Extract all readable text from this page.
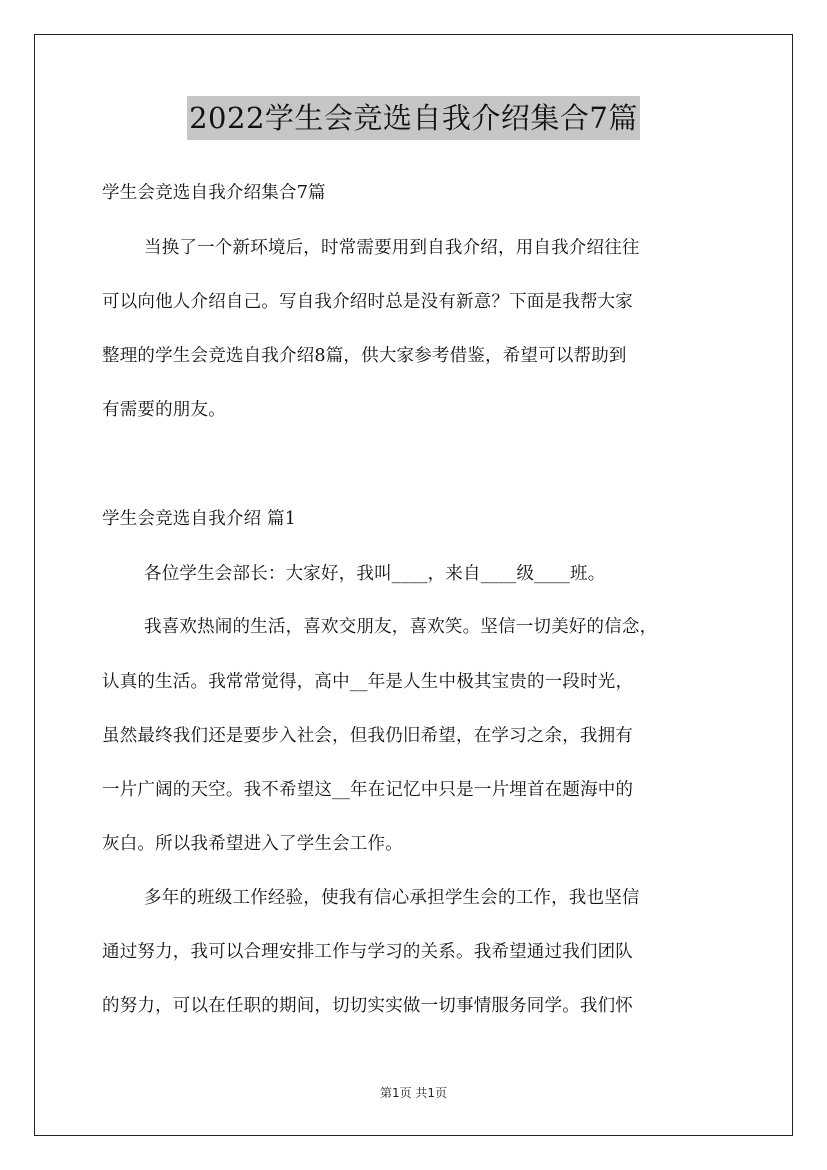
2022学生会竞选自我介绍集合7篇
学生会竞选自我介绍集合7篇
当换了一个新环境后，时常需要用到自我介绍，用自我介绍往往
可以向他人介绍自己。写自我介绍时总是没有新意？下面是我帮大家
整理的学生会竞选自我介绍8篇，供大家参考借鉴，希望可以帮助到
有需要的朋友。
学生会竞选自我介绍 篇1
各位学生会部长：大家好，我叫____，来自____级____班。
我喜欢热闹的生活，喜欢交朋友，喜欢笑。坚信一切美好的信念，
认真的生活。我常常觉得，高中__年是人生中极其宝贵的一段时光，
虽然最终我们还是要步入社会，但我仍旧希望，在学习之余，我拥有
一片广阔的天空。我不希望这__年在记忆中只是一片埋首在题海中的
灰白。所以我希望进入了学生会工作。
多年的班级工作经验，使我有信心承担学生会的工作，我也坚信
通过努力，我可以合理安排工作与学习的关系。我希望通过我们团队
的努力，可以在任职的期间，切切实实做一切事情服务同学。我们怀
第1页 共1页
